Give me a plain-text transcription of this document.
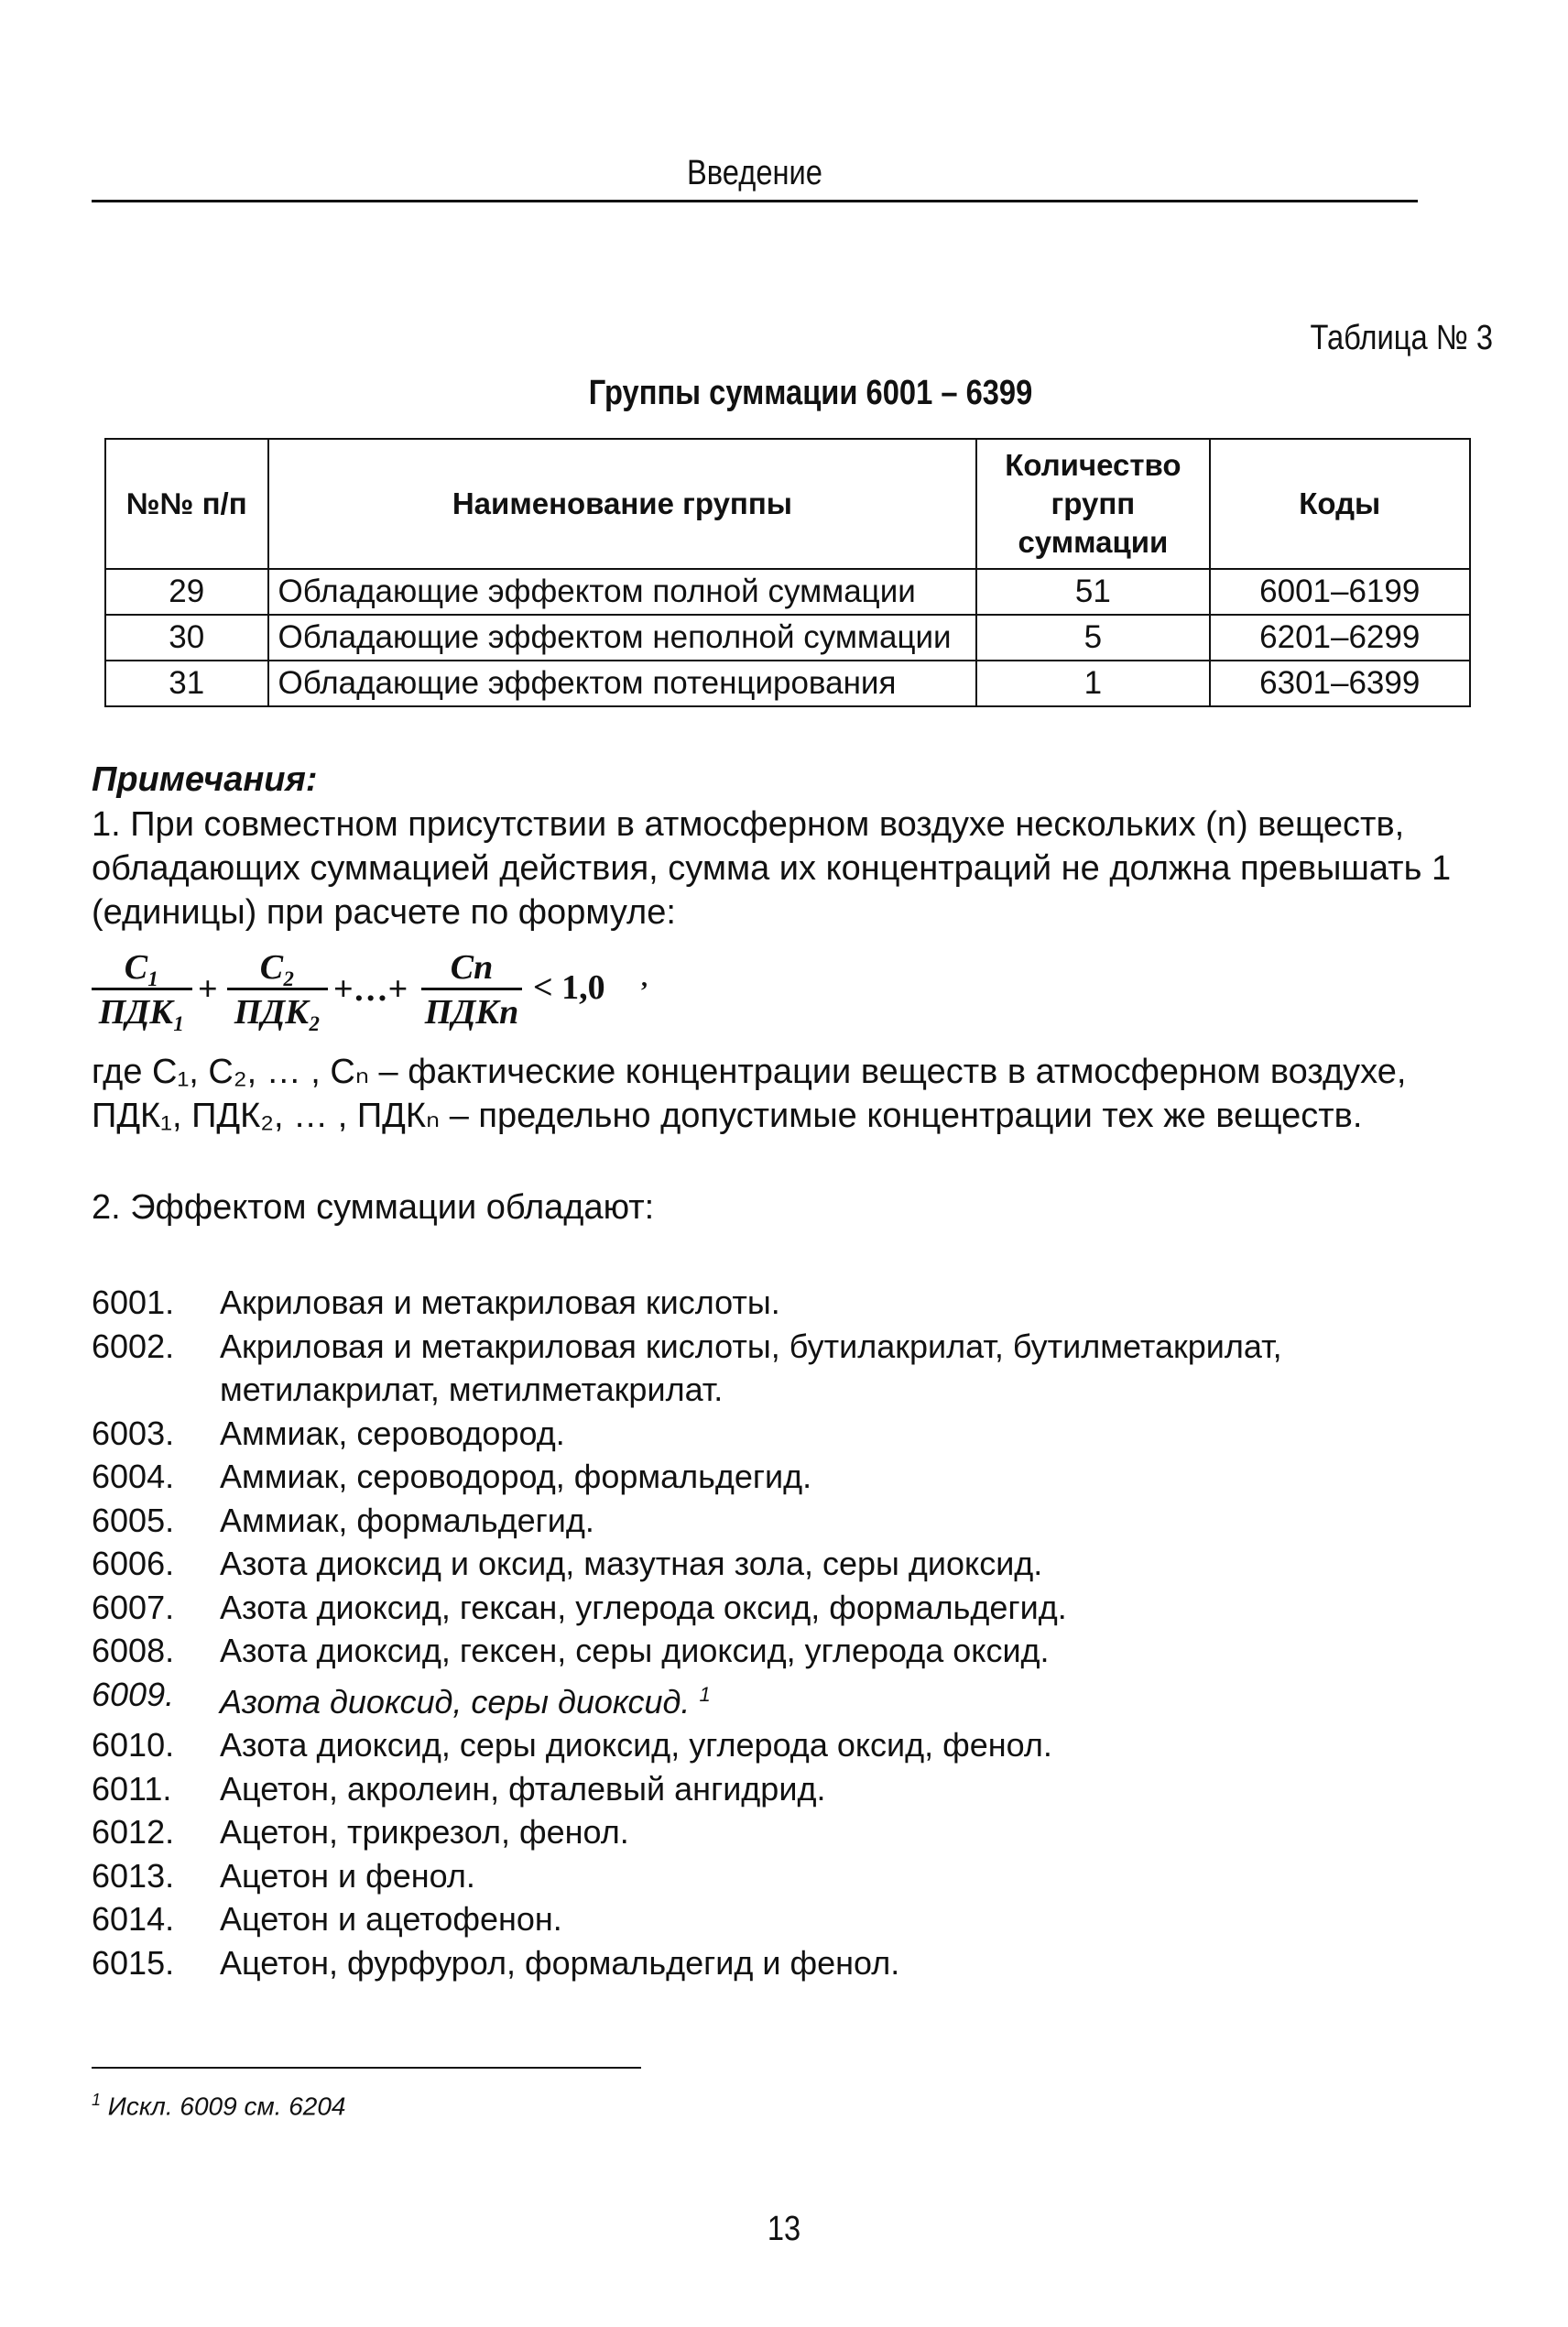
Введение
Таблица № 3
Группы суммации 6001 – 6399
№№ п/п	Наименование группы	Количество групп суммации	Коды
29	Обладающие эффектом полной суммации	51	6001–6199
30	Обладающие эффектом неполной суммации	5	6201–6299
31	Обладающие эффектом потенцирования	1	6301–6399
Примечания:
1. При совместном присутствии в атмосферном воздухе нескольких (n) веществ, обладающих суммацией действия, сумма их концентраций не должна превышать 1 (единицы) при расчете по формуле:
C₁
ПДК₁
+
C₂
ПДК₂
+…+
Cn
ПДКn
< 1,0 ,
где C₁, C₂, … , Cₙ – фактические концентрации веществ в атмосферном воздухе, ПДК₁, ПДК₂, … , ПДКₙ – предельно допустимые концентрации тех же веществ.
2. Эффектом суммации обладают:
6001.	Акриловая и метакриловая кислоты.
6002.	Акриловая и метакриловая кислоты, бутилакрилат, бутилметакрилат, метилакрилат, метилметакрилат.
6003.	Аммиак, сероводород.
6004.	Аммиак, сероводород, формальдегид.
6005.	Аммиак, формальдегид.
6006.	Азота диоксид и оксид, мазутная зола, серы диоксид.
6007.	Азота диоксид, гексан, углерода оксид, формальдегид.
6008.	Азота диоксид, гексен, серы диоксид, углерода оксид.
6009.	Азота диоксид, серы диоксид. $^1$
6010.	Азота диоксид, серы диоксид, углерода оксид, фенол.
6011.	Ацетон, акролеин, фталевый ангидрид.
6012.	Ацетон, трикрезол, фенол.
6013.	Ацетон и фенол.
6014.	Ацетон и ацетофенон.
6015.	Ацетон, фурфурол, формальдегид и фенол.
$^1$ Искл. 6009 см. 6204
13
